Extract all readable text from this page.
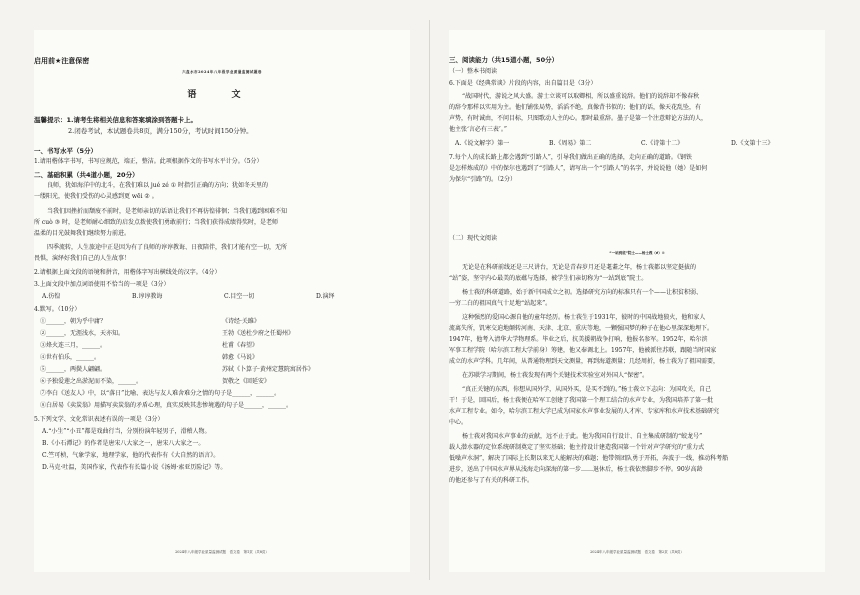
启用前★注意保密
六盘水市2024年八年级学业质量监测试题卷
语 文
温馨提示：1.请考生将相关信息和答案填涂到答题卡上。
2.闭卷考试，本试题卷共8页，满分150分，考试时间150分钟。
一、书写水平（5分）
1.请用楷体字书写，书写应规范，端正，整洁。此项根据作文的书写水平计分。（5分）
二、基础积累（共4道小题，20分）
良师，犹如海洋中的北斗，在我们难以 jué zé ① 时指引正确的方向；犹如冬天里的
一缕阳光，使我们受伤的心灵感到更 wēi ② 。
当我们因挫折而颓废不前时，是老师亲切的话语让我们不再彷徨徘徊；当我们遇到困难不知
所 cuò ③ 时，是老师耐心细致的启发点拨使我们勇敢前行；当我们获得成绩得奖时，是老师
温柔的目光鼓舞我们继续努力前进。
四季流转，人生旅途中正是因为有了良师的谆谆教诲、日夜陪伴，我们才能有空一切，无所
畏惧，演绎好我们自己的人生故事！
2.请根据上面文段的语境和拼音，用楷体字写出横线处的汉字。（4分）
3.上面文段中加点词语使用不恰当的一项是（3分）
A.彷徨	B.谆谆教诲	C.目空一切	D.演绎
4.默写。（10分）
①______，朝为乎中庸？	《诗经·关雎》
②______，无涯浅水，天亦知。	王勃《送杜少府之任蜀州》
③烽火连三月，______。	杜甫《春望》
④世有伯乐，______。	韩愈《马说》
⑤______，两鬓人翩翩。	苏轼《卜算子·黄州定慧院寓居作》
⑥予独爱莲之出淤泥而不染，______。	贺敬之《回延安》
⑦李白《送友人》中，以“落日”比喻、表达与友人难舍难分之情的句子是______，______。
⑧白居易《卖炭翁》用描写卖炭翁的矛盾心理，真实反映其悲惨境遇的句子是______，______。
5.下列文学、文化常识表述有误的一项是（3分）
A.“小生”“小丑”都是戏曲行当，分别扮演年轻男子，滑稽人物。
B.《小石潭记》的作者是唐宋八大家之一，唐宋八大家之一。
C.竺可桢，气象学家，地理学家，他的代表作有《大自然的语言》。
D.马克·吐温，美国作家，代表作有长篇小说《汤姆·索亚历险记》等。
2024年八年级学业质量监测试题　语文卷　第1页（共8页）
三、阅读能力（共15道小题，50分）
（一）整本书阅读
6.下面是《经典常谈》片段的内容，出自篇目是（3分）
“战国时代，游说之风大盛。游士立谈可以取卿相，所以盛重说辞。他们的说辞却不像春秋
的辞令那样以实用为主。他们铺张局势，滔滔不绝，真像背书似的；他们的话，像天花乱坠，有
声势，有时诚由，不问目标，只图歌动人主的心。那时最重辞。墨子是第一个注意辩论方法的人，
他主张‘言必有三表’。”
A.《说文解字》第一	B.《周易》第二	C.《诗第十二》	D.《文第十三》
7.每个人的成长路上都会遇到“引路人”，引导我们做出正确的选择，走向正确的道路。《钢铁
是怎样炼成的》中的保尔也遇到了“引路人”，请写出一个“引路人”的名字，并说说他（她）是如何
为保尔“引路”的。（2分）
（二）现代文阅读
“一站到底”院士——杨士莪（é）①
无论是在科研前线还是三尺讲台，无论是青春岁月还是耄耋之年，杨士莪都以坚定挺拔的
“站”姿，坚守内心最美的底蕴与选择，被学生们亲切称为“一站到底”院士。
杨士莪的科研道路，始于新中国成立之初。选择研究方向的标准只有一个——让积贫积弱、
一穷二白的祖国真气十足地“站起来”。
这种强烈的爱国心源自他的童年经历。杨士莪生于1931年，彼时的中国战地狼火，他和家人
流离失所，饥寒交迫地颠转河南、天津、北京、重庆等地，一颗强国梦的种子在他心里深深地埋下。
1947年，他考入清华大学物理系。毕业之后，抗美援朝战争打响，他报名参军。1952年，哈尔滨
军事工程学院（哈尔滨工程大学前身）筹建，他又奉调北上。1957年，他被派往苏联，跟随当时国家
成立的水声学科。几年间，从普通物理到天文测量，再到海道测量；几经周折，杨士莪为了祖国需要，
在苏联学习期间，杨士莪发现有两个关键技术实验室对外国人“保密”。
“真正关键的东西，你想从国外学，从国外买，是买不到的。”杨士莪立下志向：为国攻关，自己
干！于是，回国后，杨士莪便在哈军工创建了我国第一个理工结合的水声专业，为我国培养了第一批
水声工程专业。如今，哈尔滨工程大学已成为国家水声事业发展的人才库、专家库和水声技术基础研究
中心。
杨士莪对我国水声事业的贡献，远不止于此。他为我国自行设计、自主集成研制的“蛟龙号”
载人潜水器的定位系统研制奠定了坚实基础；他主持设计建造我国第一个针对声学研究的“重力式
低噪声水洞”，解决了国际上长期以来无人能解决的难题；他带领团队勇于开拓，奔波于一线，推动科考船
进步，送出了中国水声界从浅海走向深海的第一步……退休后，杨士莪依然脚步不停。90岁高龄
的他还参与了有关的科研工作。
2024年八年级学业质量监测试题　语文卷　第2页（共8页）
